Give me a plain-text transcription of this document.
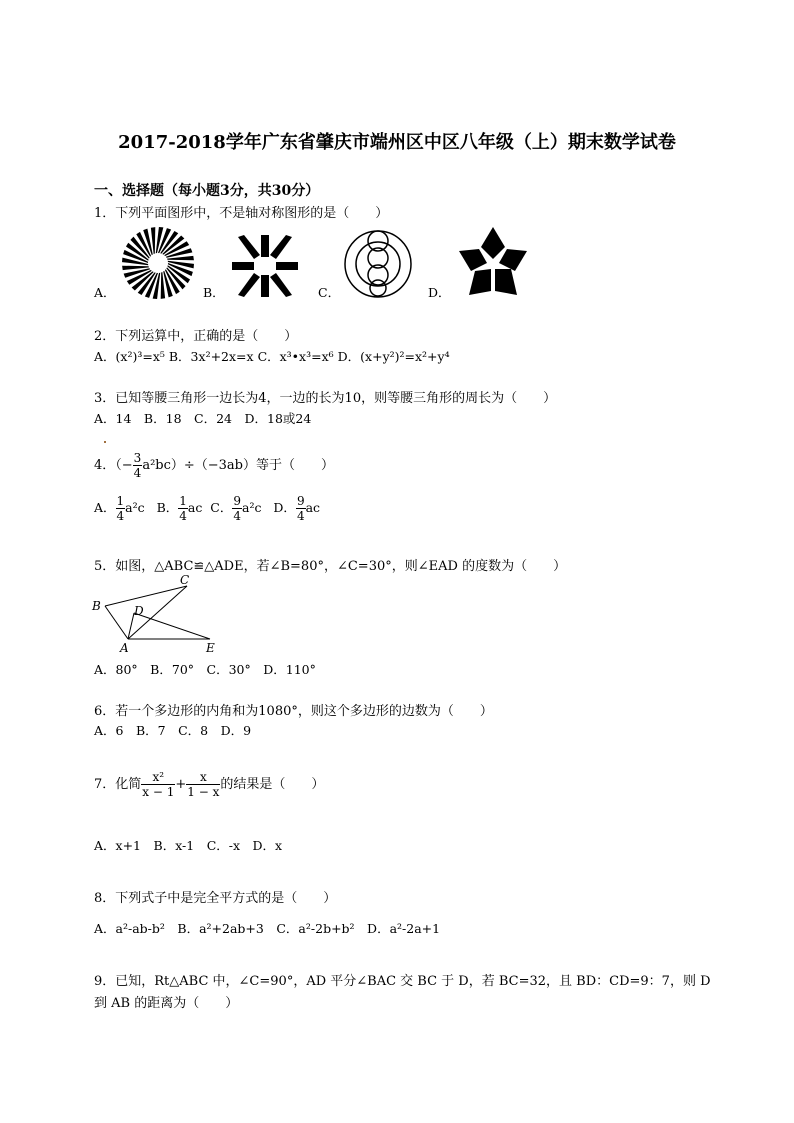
2017-2018学年广东省肇庆市端州区中区八年级（上）期末数学试卷
一、选择题（每小题3分，共30分）
1．下列平面图形中，不是轴对称图形的是（　　）
A．	B．	C．	D．
2．下列运算中，正确的是（　　）
A．(x²)³=x⁵ B．3x²+2x=x C．x³•x³=x⁶ D．(x+y²)²=x²+y⁴
3．已知等腰三角形一边长为4，一边的长为10，则等腰三角形的周长为（　　）
A．14　B．18　C．24　D．18或24
4．（− $\frac{3}{4} a^2bc)\div(-3ab)$等于（　　）
A． $\frac{1}{4} a^2c$ B． $\frac{1}{4}$ ac C． $\frac{9}{4} a^2c$ D． $\frac{9}{4}$ ac
5．如图，△ABC≌△ADE，若∠B=80°，∠C=30°，则∠EAD 的度数为（　　）
B
C
D
A	E
A．80°　B．70°　C．30°　D．110°
6．若一个多边形的内角和为1080°，则这个多边形的边数为（　　）
A．6　B．7　C．8　D．9
7．化简 $\frac{\text{x²}}{x - 1} + \frac{x}{1 - x}$ 的结果是（　　）
A．x+1　B．x-1　C．-x　D．x
8．下列式子中是完全平方式的是（　　）
A．a²-ab-b²　B．a²+2ab+3　C．a²-2b+b²　D．a²-2a+1
9．已知，Rt△ABC 中，∠C=90°，AD 平分∠BAC 交 BC 于 D，若 BC=32，且 BD：CD=9：7，则 D
到 AB 的距离为（　　）
